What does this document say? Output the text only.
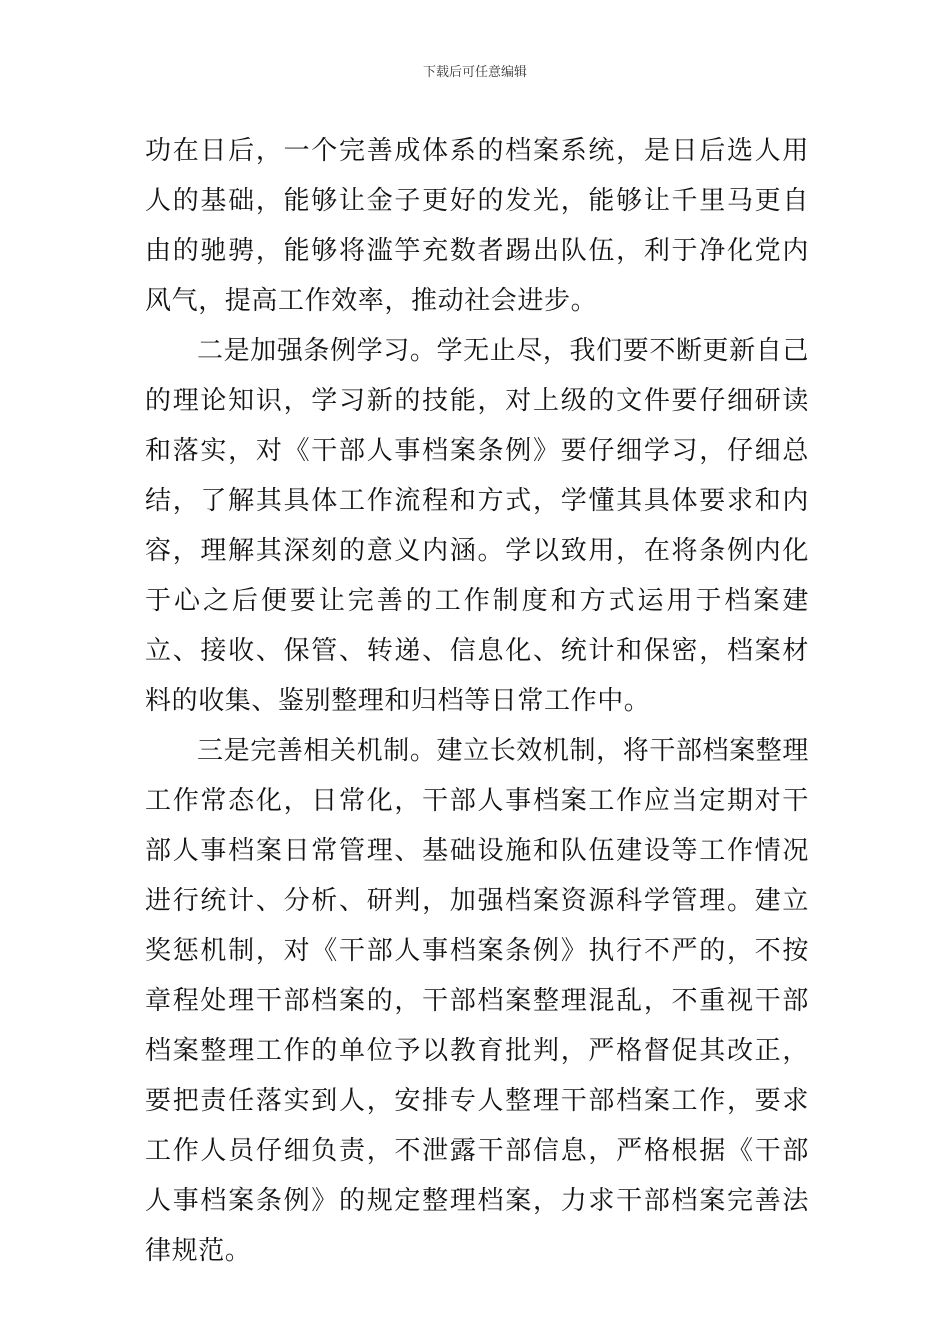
下载后可任意编辑

功在日后，一个完善成体系的档案系统，是日后选人用人的基础，能够让金子更好的发光，能够让千里马更自由的驰骋，能够将滥竽充数者踢出队伍，利于净化党内风气，提高工作效率，推动社会进步。

二是加强条例学习。学无止尽，我们要不断更新自己的理论知识，学习新的技能，对上级的文件要仔细研读和落实，对《干部人事档案条例》要仔细学习，仔细总结，了解其具体工作流程和方式，学懂其具体要求和内容，理解其深刻的意义内涵。学以致用，在将条例内化于心之后便要让完善的工作制度和方式运用于档案建立、接收、保管、转递、信息化、统计和保密，档案材料的收集、鉴别整理和归档等日常工作中。

三是完善相关机制。建立长效机制，将干部档案整理工作常态化，日常化，干部人事档案工作应当定期对干部人事档案日常管理、基础设施和队伍建设等工作情况进行统计、分析、研判，加强档案资源科学管理。建立奖惩机制，对《干部人事档案条例》执行不严的，不按章程处理干部档案的，干部档案整理混乱，不重视干部档案整理工作的单位予以教育批判，严格督促其改正，要把责任落实到人，安排专人整理干部档案工作，要求工作人员仔细负责，不泄露干部信息，严格根据《干部人事档案条例》的规定整理档案，力求干部档案完善法律规范。
